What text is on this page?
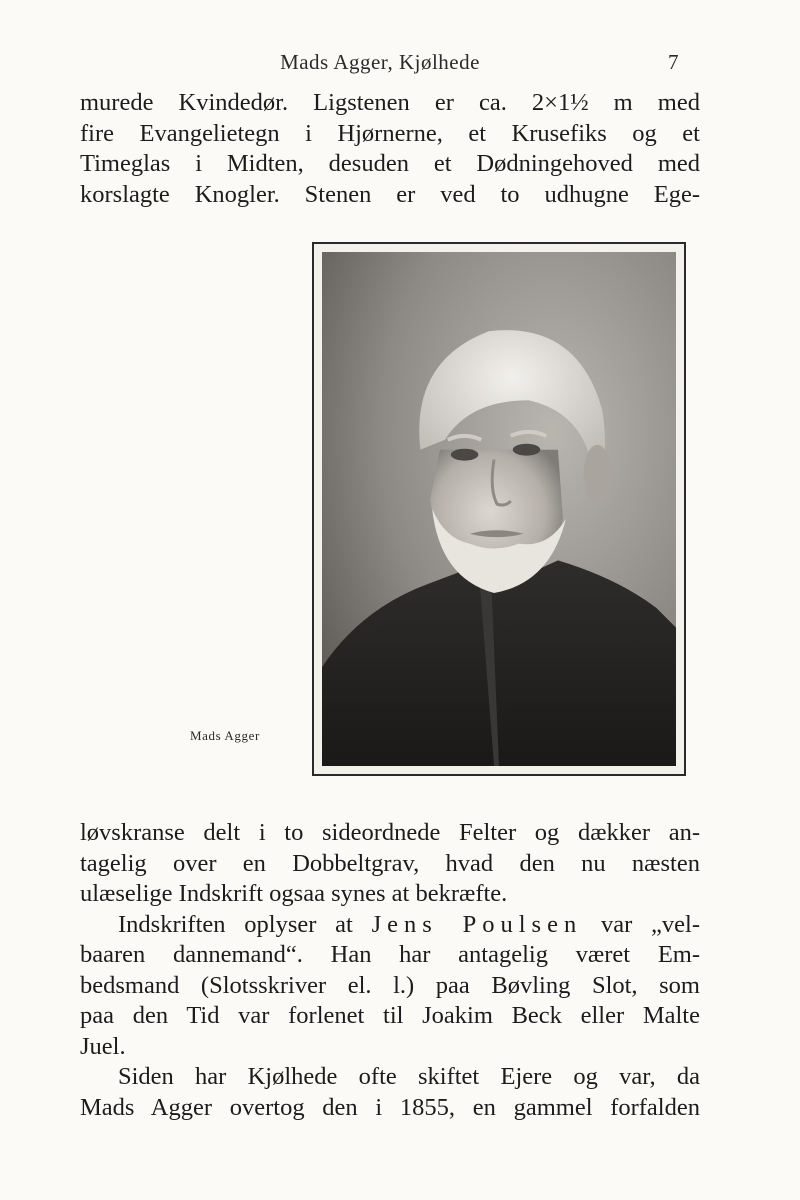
Mads Agger, Kjølhede	7

murede Kvindedør. Ligstenen er ca. 2×1½ m med

fire Evangelietegn i Hjørnerne, et Krusefiks og et

Timeglas i Midten, desuden et Dødningehoved med

korslagte Knogler. Stenen er ved to udhugne Ege-

Mads Agger

løvskranse delt i to sideordnede Felter og dækker an-

tagelig over en Dobbeltgrav, hvad den nu næsten

ulæselige Indskrift ogsaa synes at bekræfte.

Indskriften oplyser at Jens Poulsen var „vel-

baaren dannemand“. Han har antagelig været Em-

bedsmand (Slotsskriver el. l.) paa Bøvling Slot, som

paa den Tid var forlenet til Joakim Beck eller Malte

Juel.

Siden har Kjølhede ofte skiftet Ejere og var, da

Mads Agger overtog den i 1855, en gammel forfalden
